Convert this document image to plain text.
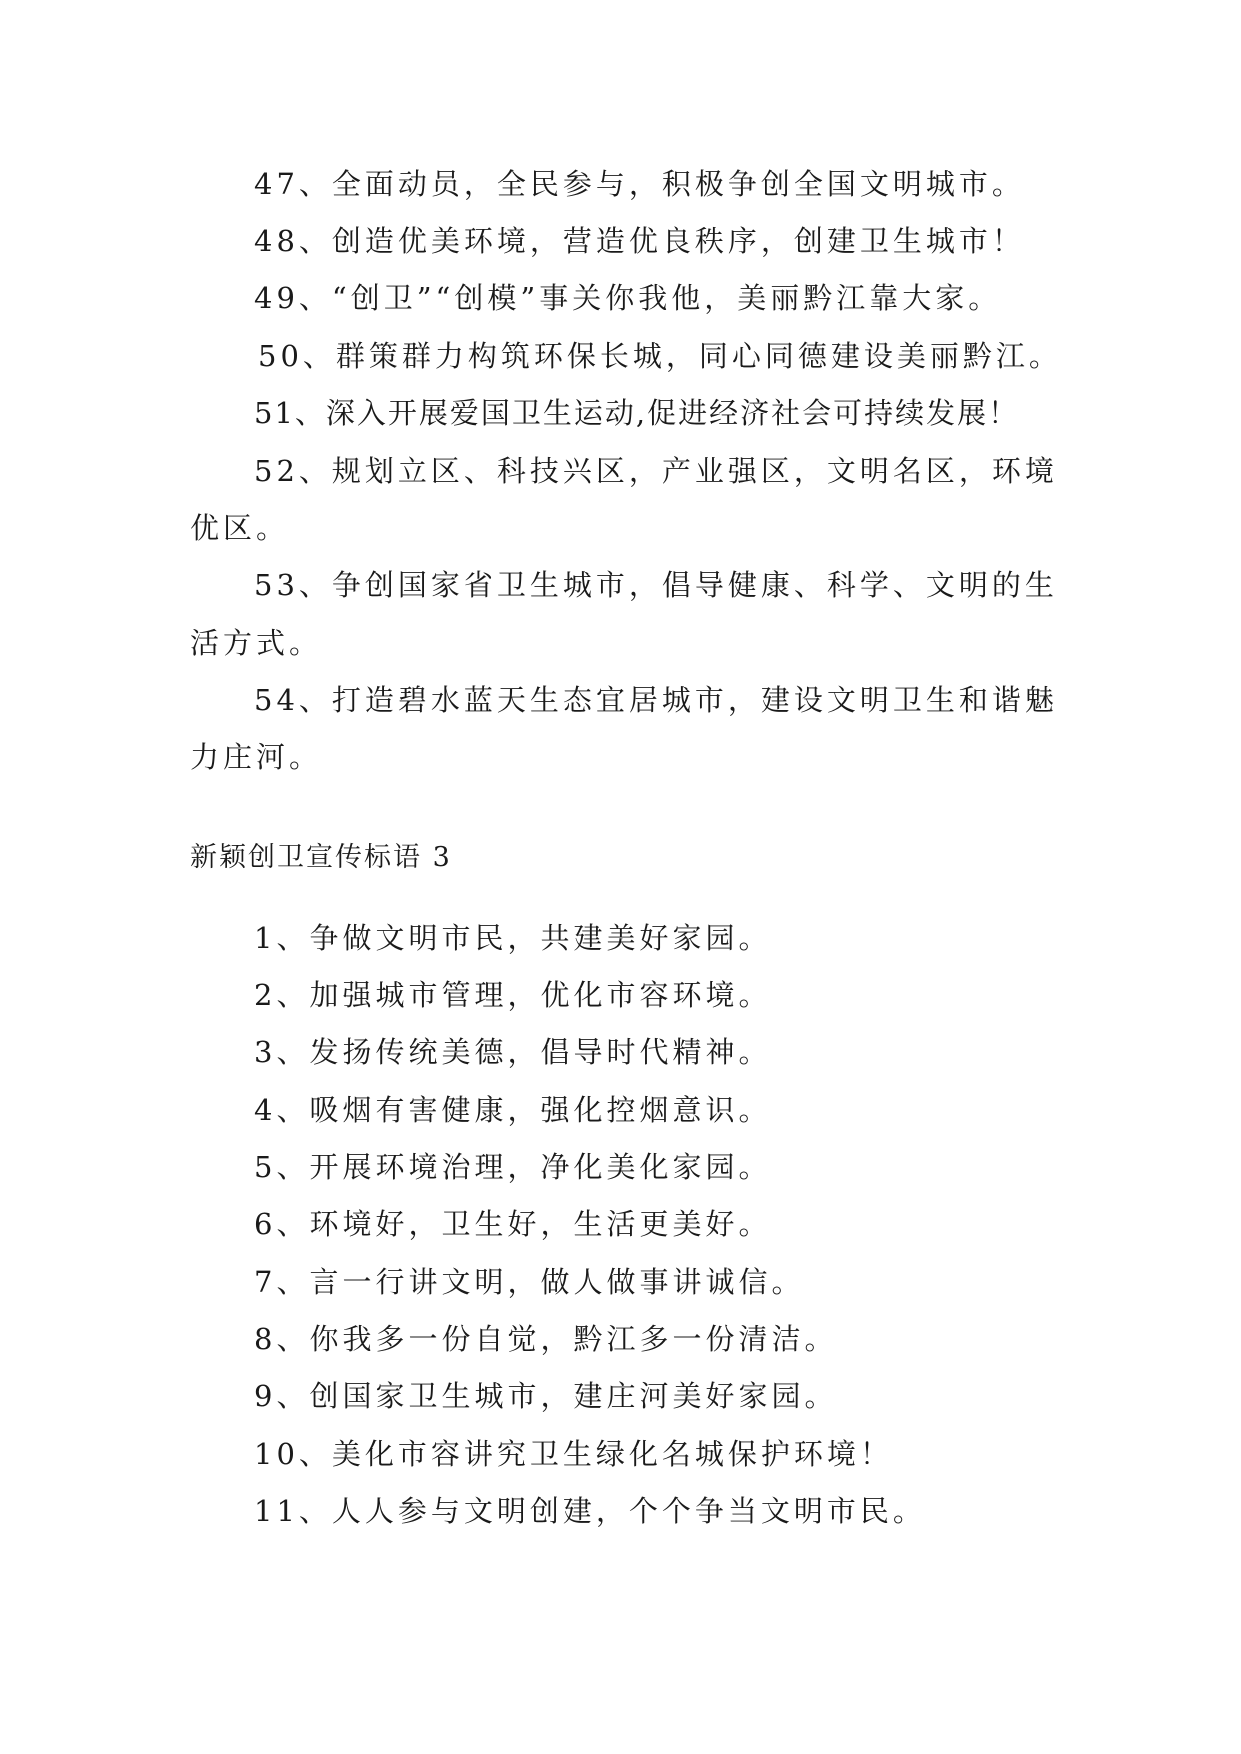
47、全面动员，全民参与，积极争创全国文明城市。
48、创造优美环境，营造优良秩序，创建卫生城市！
49、“创卫”“创模”事关你我他，美丽黔江靠大家。
50、群策群力构筑环保长城，同心同德建设美丽黔江。
51、深入开展爱国卫生运动,促进经济社会可持续发展！
52、规划立区、科技兴区，产业强区，文明名区，环境
优区。
53、争创国家省卫生城市，倡导健康、科学、文明的生
活方式。
54、打造碧水蓝天生态宜居城市，建设文明卫生和谐魅
力庄河。
新颖创卫宣传标语 3
1、争做文明市民，共建美好家园。
2、加强城市管理，优化市容环境。
3、发扬传统美德，倡导时代精神。
4、吸烟有害健康，强化控烟意识。
5、开展环境治理，净化美化家园。
6、环境好，卫生好，生活更美好。
7、言一行讲文明，做人做事讲诚信。
8、你我多一份自觉，黔江多一份清洁。
9、创国家卫生城市，建庄河美好家园。
10、美化市容讲究卫生绿化名城保护环境！
11、人人参与文明创建，个个争当文明市民。
